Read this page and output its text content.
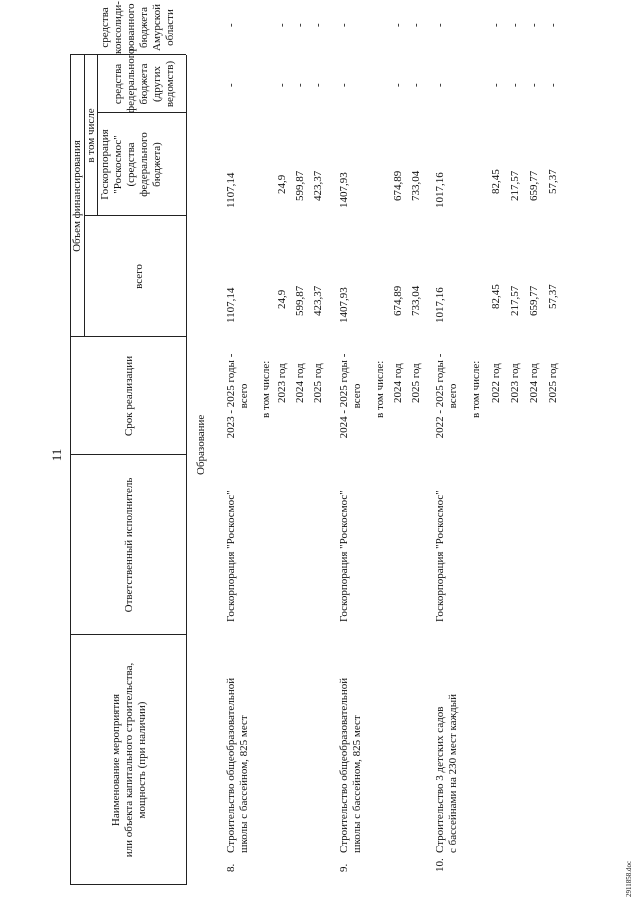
11
Наименование мероприятия или объекта капитального строительства, мощность (при наличии)
Ответственный исполнитель
Срок реализации
Объем финансирования
всего
в том числе Госкорпорация "Роскосмос" (средства федерального бюджета)
средства федерального бюджета (других ведомств)
средства консолиди- рованного бюджета Амурской области
Образование
8.
Строительство общеобразовательной школы с бассейном, 825 мест
Госкорпорация "Роскосмос"
2023 - 2025 годы - всего
1107,14
1107,14
-
-
в том числе: 2023 год
24,9
24,9
-
-
2024 год
599,87
599,87
-
-
2025 год
423,37
423,37
-
-
9.
Строительство общеобразовательной школы с бассейном, 825 мест
Госкорпорация "Роскосмос"
2024 - 2025 годы - всего
1407,93
1407,93
-
-
в том числе: 2024 год
674,89
674,89
-
-
2025 год
733,04
733,04
-
-
10.
Строительство 3 детских садов с бассейнами на 230 мест каждый
Госкорпорация "Роскосмос"
2022 - 2025 годы - всего
1017,16
1017,16
-
-
в том числе: 2022 год
82,45
82,45
-
-
2023 год
217,57
217,57
-
-
2024 год
659,77
659,77
-
-
2025 год
57,37
57,37
-
-
2911858.doc
